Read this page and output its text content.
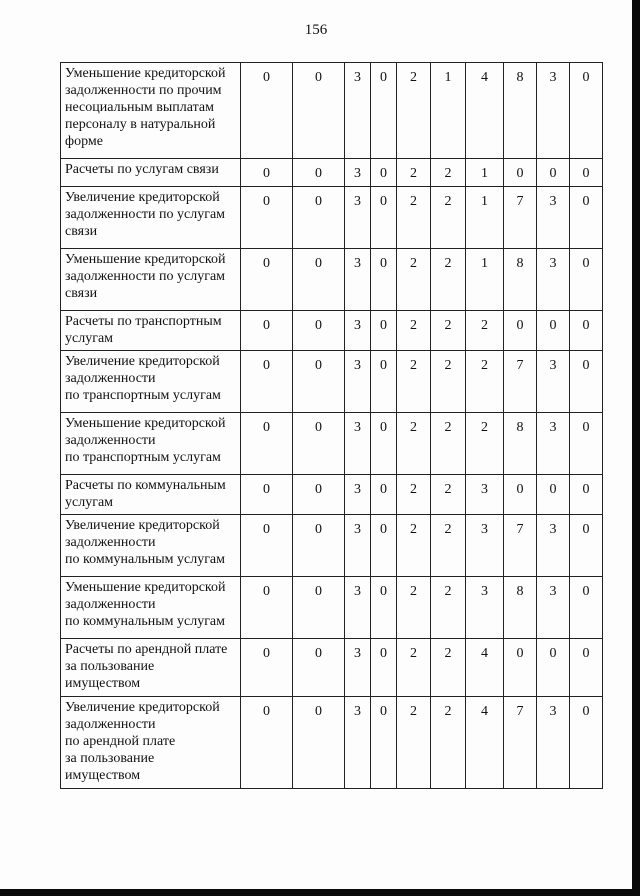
156
Уменьшение кредиторской
задолженности по прочим
несоциальным выплатам
персоналу в натуральной
форме	0	0	3	0	2	1	4	8	3	0
Расчеты по услугам связи	0	0	3	0	2	2	1	0	0	0
Увеличение кредиторской
задолженности по услугам
связи	0	0	3	0	2	2	1	7	3	0
Уменьшение кредиторской
задолженности по услугам
связи	0	0	3	0	2	2	1	8	3	0
Расчеты по транспортным
услугам	0	0	3	0	2	2	2	0	0	0
Увеличение кредиторской
задолженности
по транспортным услугам	0	0	3	0	2	2	2	7	3	0
Уменьшение кредиторской
задолженности
по транспортным услугам	0	0	3	0	2	2	2	8	3	0
Расчеты по коммунальным
услугам	0	0	3	0	2	2	3	0	0	0
Увеличение кредиторской
задолженности
по коммунальным услугам	0	0	3	0	2	2	3	7	3	0
Уменьшение кредиторской
задолженности
по коммунальным услугам	0	0	3	0	2	2	3	8	3	0
Расчеты по арендной плате
за пользование
имуществом	0	0	3	0	2	2	4	0	0	0
Увеличение кредиторской
задолженности
по арендной плате
за пользование
имуществом	0	0	3	0	2	2	4	7	3	0
